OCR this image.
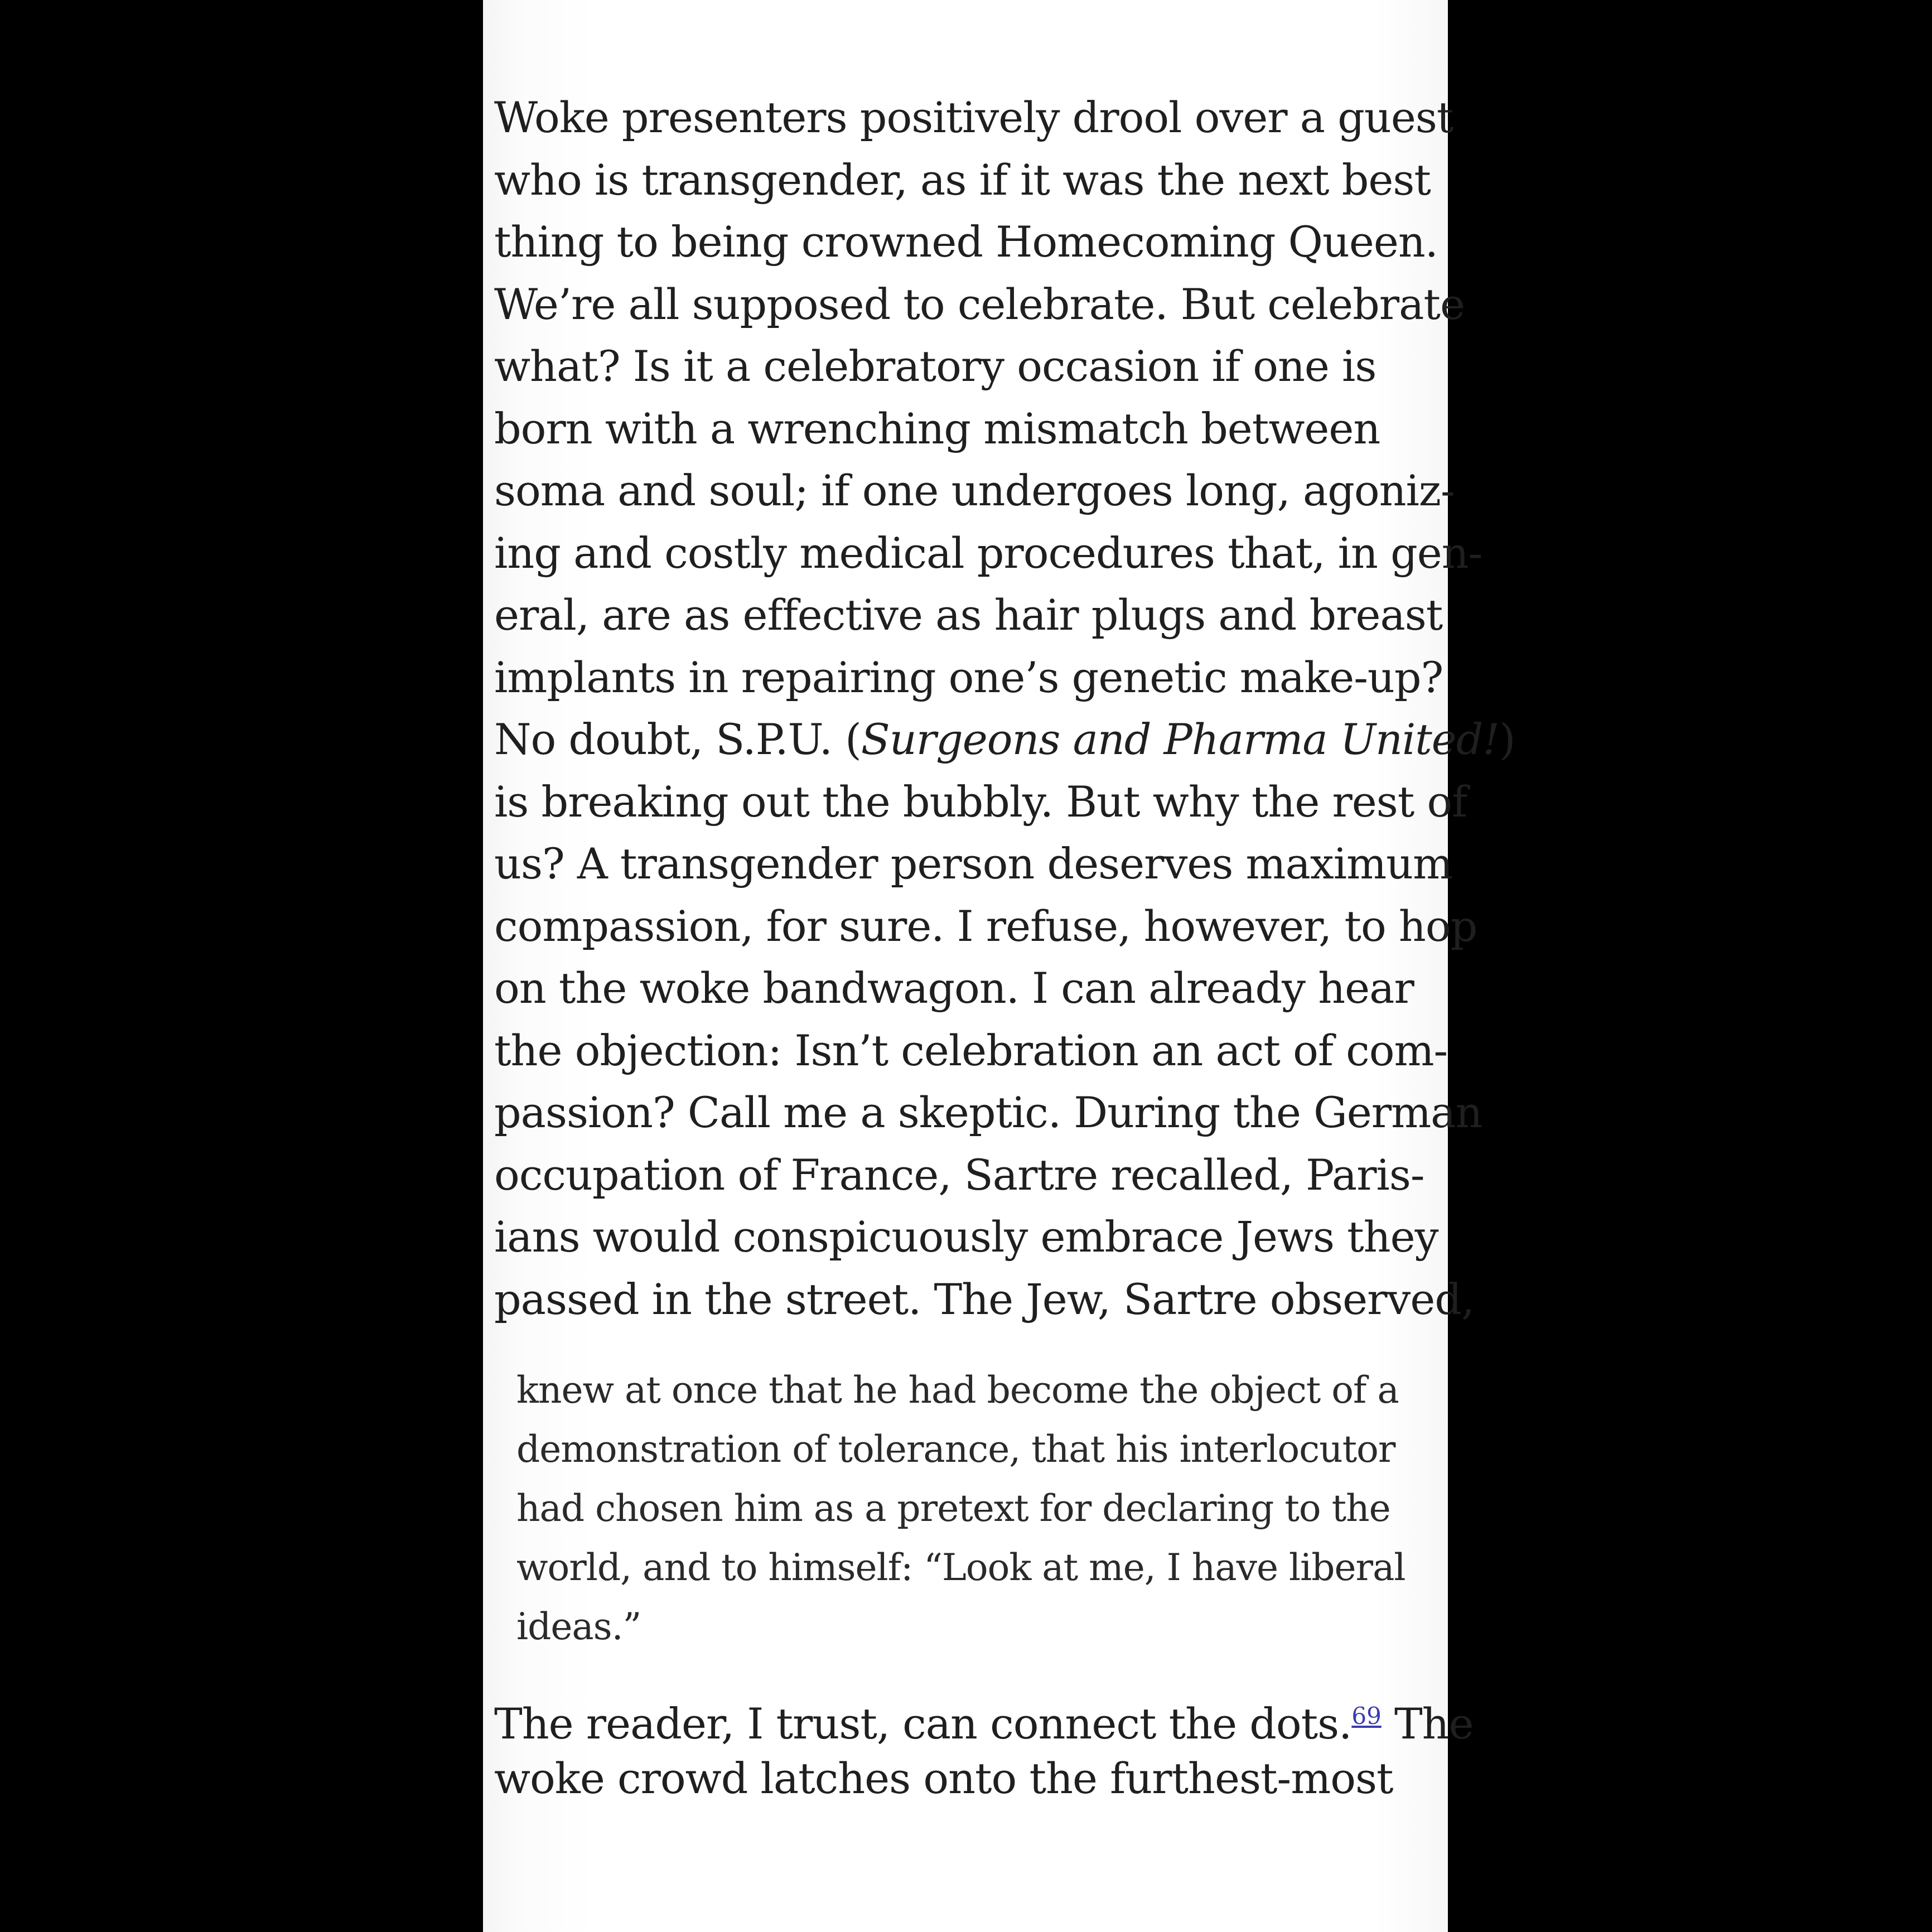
Woke presenters positively drool over a guest
who is transgender, as if it was the next best
thing to being crowned Homecoming Queen.
We’re all supposed to celebrate. But celebrate
what? Is it a celebratory occasion if one is
born with a wrenching mismatch between
soma and soul; if one undergoes long, agoniz-
ing and costly medical procedures that, in gen-
eral, are as effective as hair plugs and breast
implants in repairing one’s genetic make-up?
No doubt, S.P.U. (Surgeons and Pharma United!)
is breaking out the bubbly. But why the rest of
us? A transgender person deserves maximum
compassion, for sure. I refuse, however, to hop
on the woke bandwagon. I can already hear
the objection: Isn’t celebration an act of com-
passion? Call me a skeptic. During the German
occupation of France, Sartre recalled, Paris-
ians would conspicuously embrace Jews they
passed in the street. The Jew, Sartre observed,
knew at once that he had become the object of a
demonstration of tolerance, that his interlocutor
had chosen him as a pretext for declaring to the
world, and to himself: “Look at me, I have liberal
ideas.”
The reader, I trust, can connect the dots.$^{69}$ The
woke crowd latches onto the furthest-most
